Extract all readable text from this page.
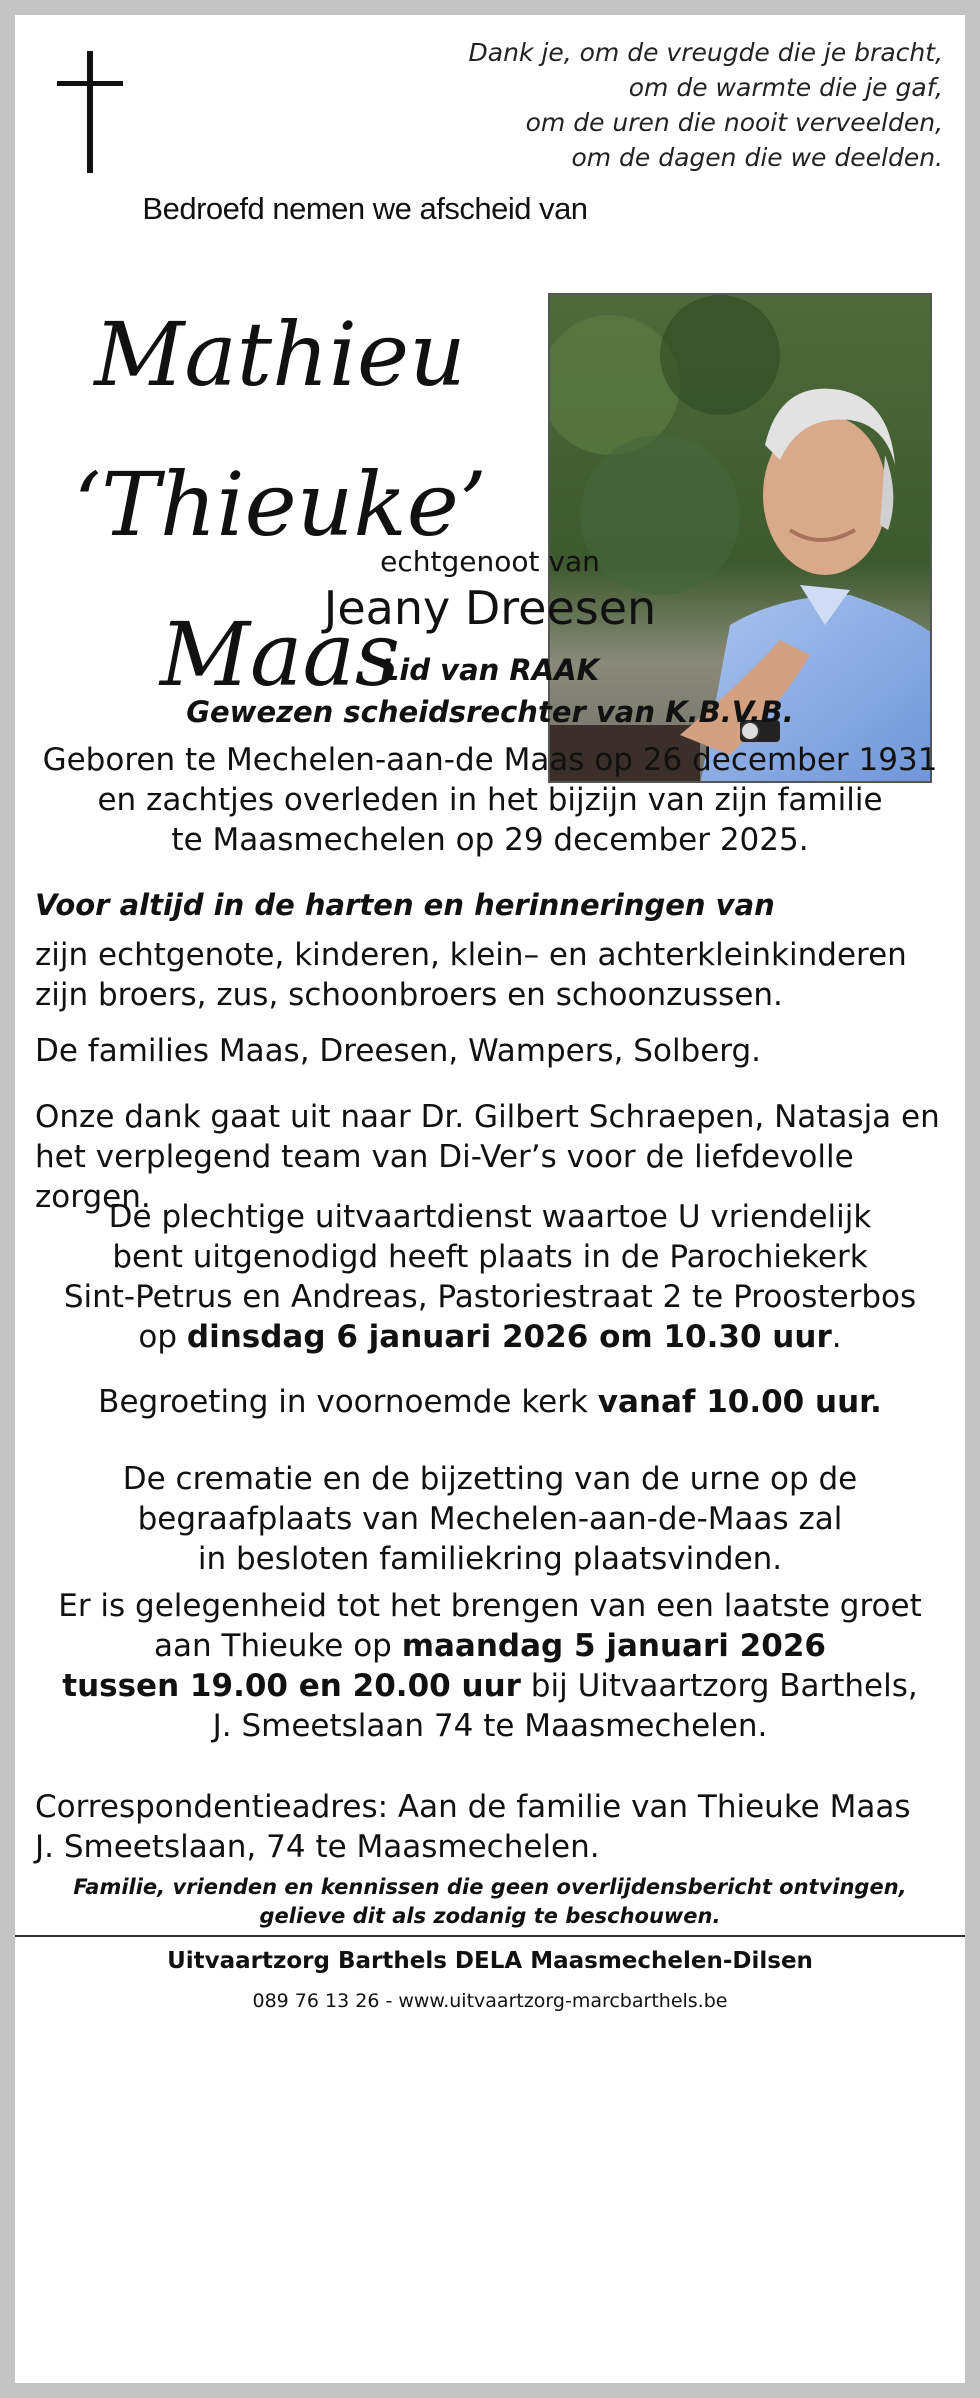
Dank je, om de vreugde die je bracht,
om de warmte die je gaf,
om de uren die nooit verveelden,
om de dagen die we deelden.
Bedroefd nemen we afscheid van
Mathieu
‘Thieuke’
Maas
echtgenoot van
Jeany Dreesen
Lid van RAAK
Gewezen scheidsrechter van K.B.V.B.
Geboren te Mechelen-aan-de Maas op 26 december 1931
en zachtjes overleden in het bijzijn van zijn familie
te Maasmechelen op 29 december 2025.
Voor altijd in de harten en herinneringen van
zijn echtgenote, kinderen, klein– en achterkleinkinderen
zijn broers, zus, schoonbroers en schoonzussen.
De families Maas, Dreesen, Wampers, Solberg.
Onze dank gaat uit naar Dr. Gilbert Schraepen, Natasja en
het verplegend team van Di-Ver’s voor de liefdevolle zorgen.
De plechtige uitvaartdienst waartoe U vriendelijk
bent uitgenodigd heeft plaats in de Parochiekerk
Sint-Petrus en Andreas, Pastoriestraat 2 te Proosterbos
op dinsdag 6 januari 2026 om 10.30 uur.
Begroeting in voornoemde kerk vanaf 10.00 uur.
De crematie en de bijzetting van de urne op de
begraafplaats van Mechelen-aan-de-Maas zal
in besloten familiekring plaatsvinden.
Er is gelegenheid tot het brengen van een laatste groet
aan Thieuke op maandag 5 januari 2026
tussen 19.00 en 20.00 uur bij Uitvaartzorg Barthels,
J. Smeetslaan 74 te Maasmechelen.
Correspondentieadres: Aan de familie van Thieuke Maas
J. Smeetslaan, 74 te Maasmechelen.
Familie, vrienden en kennissen die geen overlijdensbericht ontvingen,
gelieve dit als zodanig te beschouwen.
Uitvaartzorg Barthels DELA Maasmechelen-Dilsen
089 76 13 26 - www.uitvaartzorg-marcbarthels.be
